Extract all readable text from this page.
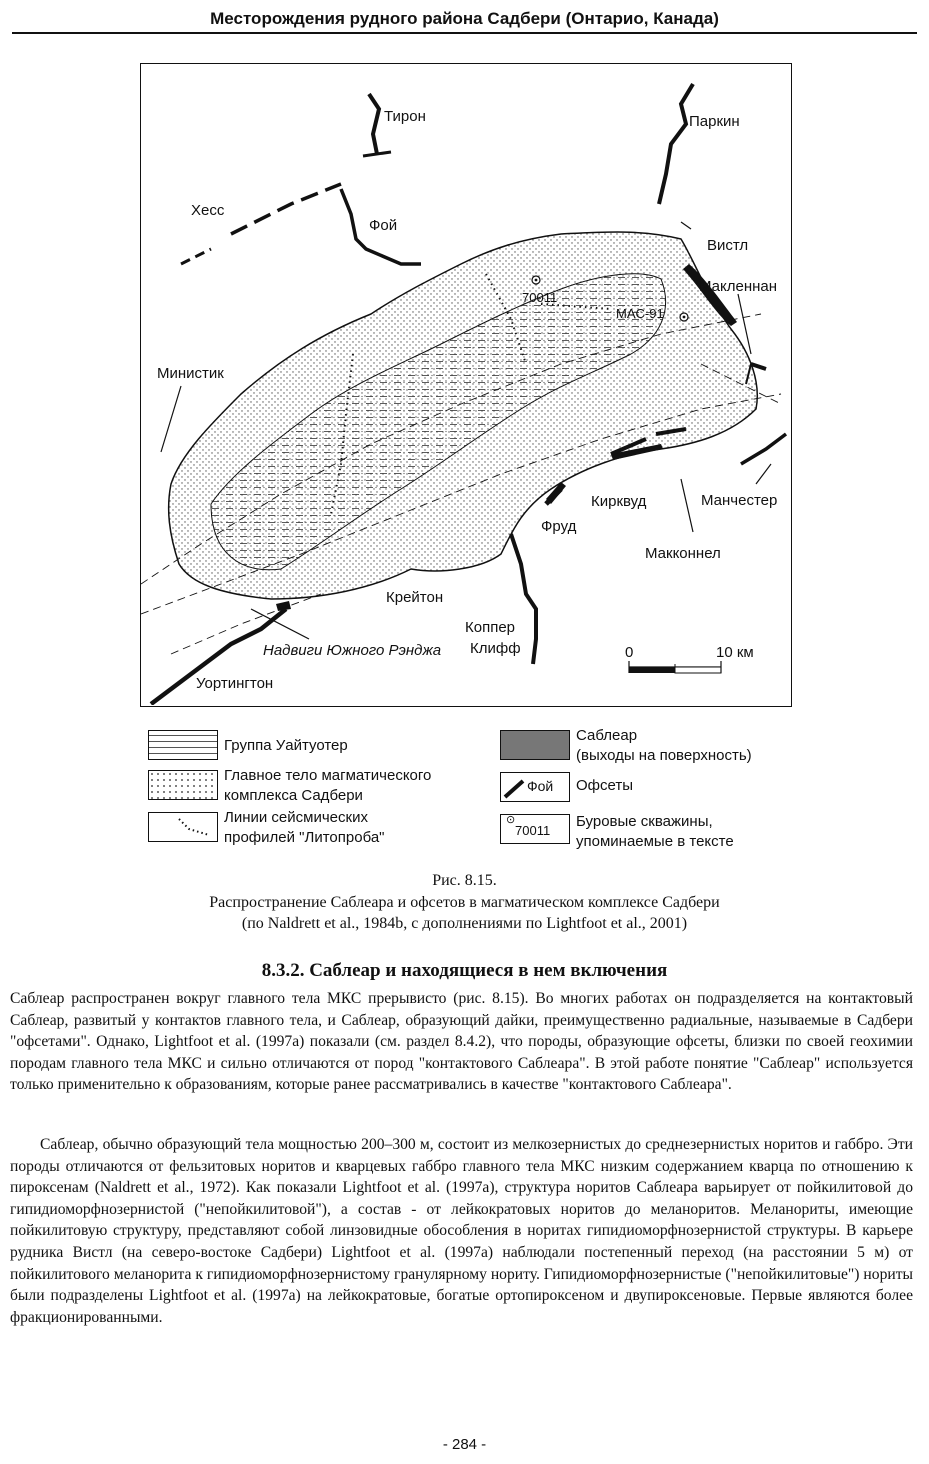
Месторождения рудного района Садбери (Онтарио, Канада)
Тирон	Паркин
Хесс
Фой
Вистл
Макленнан
Министик
Манчестер
Кирквуд
Фруд
Макконнел
Крейтон
Коппер
Клифф
Надвиги Южного Рэнджа
Уортингтон
70011
MAC-91
0	10 км
Группа Уайтуотер
Главное тело магматического
комплекса Садбери
Линии сейсмических
профилей "Литопроба"
Саблеар
(выходы на поверхность)
Фой Офсеты
⊙
70011
Буровые скважины,
упоминаемые в тексте
Рис. 8.15.
Распространение Саблеара и офсетов в магматическом комплексе Садбери
(по Naldrett et al., 1984b, с дополнениями по Lightfoot et al., 2001)
8.3.2. Саблеар и находящиеся в нем включения
Саблеар распространен вокруг главного тела МКС прерывисто (рис. 8.15). Во многих работах он подразделяется на контактовый Саблеар, развитый у контактов главного тела, и Саблеар, образующий дайки, преимущественно радиальные, называемые в Садбери "офсетами". Однако, Lightfoot et al. (1997a) показали (см. раздел 8.4.2), что породы, образующие офсеты, близки по своей геохимии породам главного тела МКС и сильно отличаются от пород "контактового Саблеара". В этой работе понятие "Саблеар" используется только применительно к образованиям, которые ранее рассматривались в качестве "контактового Саблеара".
Саблеар, обычно образующий тела мощностью 200–300 м, состоит из мелкозернистых до среднезернистых норитов и габбро. Эти породы отличаются от фельзитовых норитов и кварцевых габбро главного тела МКС низким содержанием кварца по отношению к пироксенам (Naldrett et al., 1972). Как показали Lightfoot et al. (1997a), структура норитов Саблеара варьирует от пойкилитовой до гипидиоморфнозернистой ("непойкилитовой"), а состав - от лейкократовых норитов до меланоритов. Меланориты, имеющие пойкилитовую структуру, представляют собой линзовидные обособления в норитах гипидиоморфнозернистой структуры. В карьере рудника Вистл (на северо-востоке Садбери) Lightfoot et al. (1997a) наблюдали постепенный переход (на расстоянии 5 м) от пойкилитового меланорита к гипидиоморфнозернистому гранулярному нориту. Гипидиоморфнозернистые ("непойкилитовые") нориты были подразделены Lightfoot et al. (1997a) на лейкократовые, богатые ортопироксеном и двупироксеновые. Первые являются более фракционированными.
- 284 -
